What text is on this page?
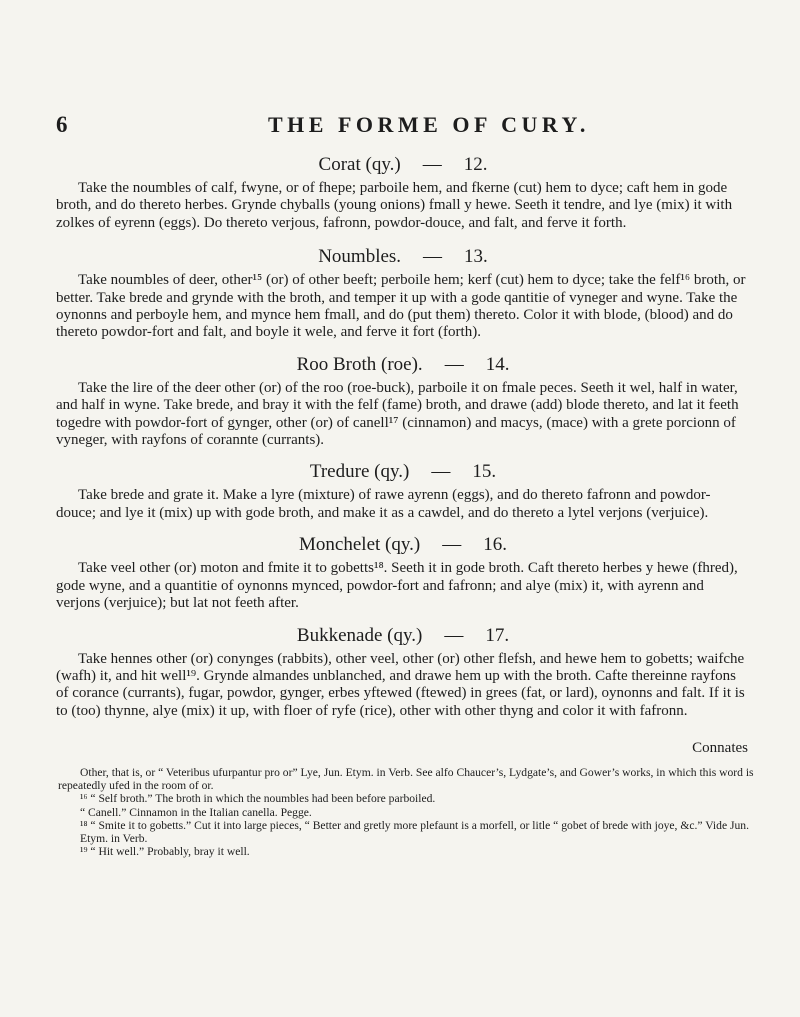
6	THE FORME OF CURY.
Corat (qy.) — 12.

Take the noumbles of calf, fwyne, or of fhepe; parboile hem, and fkerne (cut) hem to dyce; caft hem in gode broth, and do thereto herbes. Grynde chyballs (young onions) fmall y hewe. Seeth it tendre, and lye (mix) it with zolkes of eyrenn (eggs). Do thereto verjous, fafronn, powdor-douce, and falt, and ferve it forth.

Noumbles. — 13.

Take noumbles of deer, other¹⁵ (or) of other beeft; perboile hem; kerf (cut) hem to dyce; take the felf¹⁶ broth, or better. Take brede and grynde with the broth, and temper it up with a gode qantitie of vyneger and wyne. Take the oynonns and perboyle hem, and mynce hem fmall, and do (put them) thereto. Color it with blode, (blood) and do thereto powdor-fort and falt, and boyle it wele, and ferve it fort (forth).

Roo Broth (roe). — 14.

Take the lire of the deer other (or) of the roo (roe-buck), parboile it on fmale peces. Seeth it wel, half in water, and half in wyne. Take brede, and bray it with the felf (fame) broth, and drawe (add) blode thereto, and lat it feeth togedre with powdor-fort of gynger, other (or) of canell¹⁷ (cinnamon) and macys, (mace) with a grete porcionn of vyneger, with rayfons of corannte (currants).

Tredure (qy.) — 15.

Take brede and grate it. Make a lyre (mixture) of rawe ayrenn (eggs), and do thereto fafronn and powdor-douce; and lye it (mix) up with gode broth, and make it as a cawdel, and do thereto a lytel verjons (verjuice).

Monchelet (qy.) — 16.

Take veel other (or) moton and fmite it to gobetts¹⁸. Seeth it in gode broth. Caft thereto herbes y hewe (fhred), gode wyne, and a quantitie of oynonns mynced, powdor-fort and fafronn; and alye (mix) it, with ayrenn and verjons (verjuice); but lat not feeth after.

Bukkenade (qy.) — 17.

Take hennes other (or) conynges (rabbits), other veel, other (or) other flefsh, and hewe hem to gobetts; waifche (wafh) it, and hit well¹⁹. Grynde almandes unblanched, and drawe hem up with the broth. Cafte thereinne rayfons of corance (currants), fugar, powdor, gynger, erbes yftewed (ftewed) in grees (fat, or lard), oynonns and falt. If it is to (too) thynne, alye (mix) it up, with floer of ryfe (rice), other with other thyng and color it with fafronn.

Connates

Other, that is, or “ Veteribus ufurpantur pro or” Lye, Jun. Etym. in Verb. See alfo Chaucer’s, Lydgate’s, and Gower’s works, in which this word is repeatedly ufed in the room of or.

¹⁶ “ Self broth.” The broth in which the noumbles had been before parboiled.

“ Canell.” Cinnamon in the Italian canella. Pegge.

¹⁸ “ Smite it to gobetts.” Cut it into large pieces, “ Better and gretly more plefaunt is a morfell, or litle “ gobet of brede with joye, &c.” Vide Jun. Etym. in Verb.

¹⁹ “ Hit well.” Probably, bray it well.
